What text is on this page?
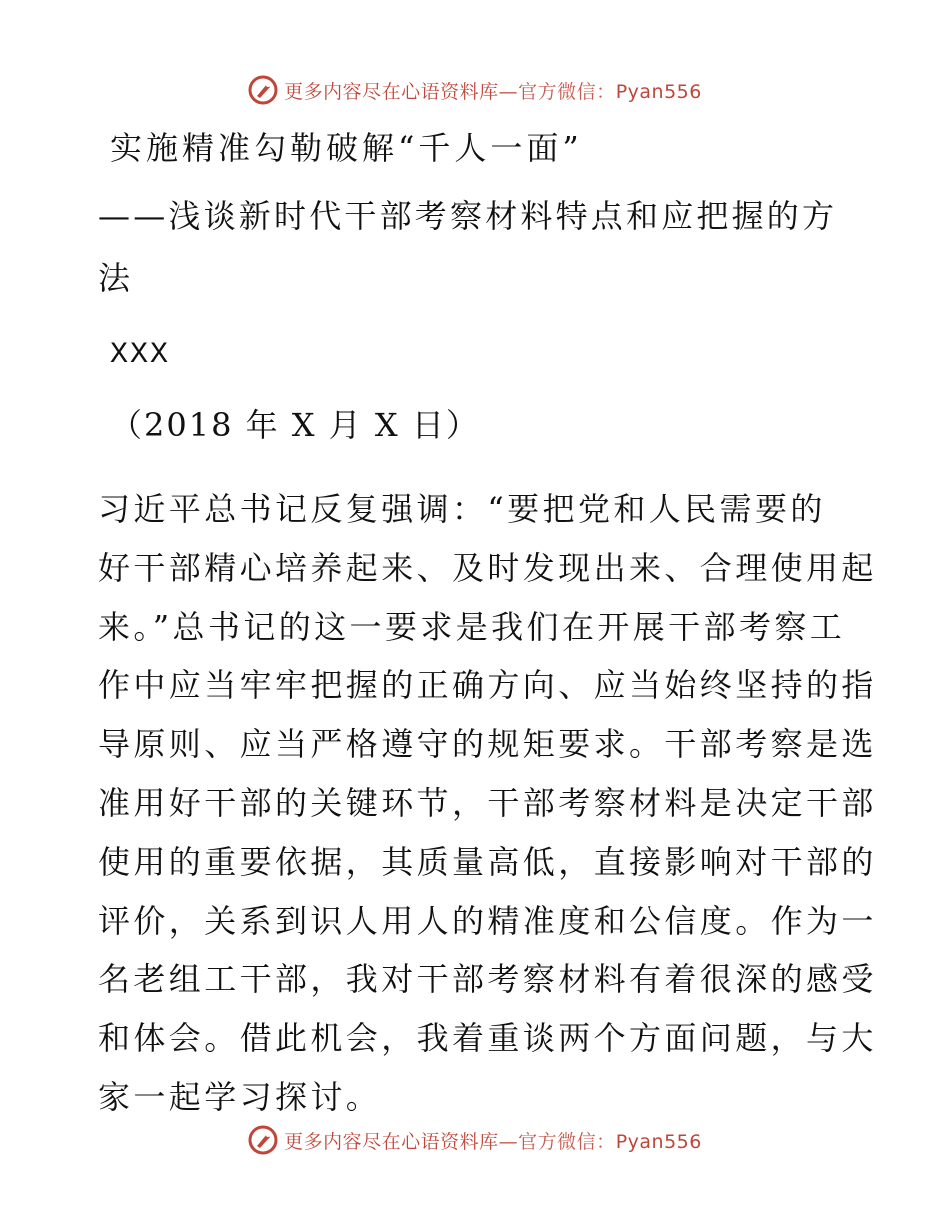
更多内容尽在心语资料库—官方微信：Pyan556
实施精准勾勒破解“千人一面”
——浅谈新时代干部考察材料特点和应把握的方
法
XXX
（2018 年 X 月 X 日）
习近平总书记反复强调：“要把党和人民需要的
好干部精心培养起来、及时发现出来、合理使用起
来。”总书记的这一要求是我们在开展干部考察工
作中应当牢牢把握的正确方向、应当始终坚持的指
导原则、应当严格遵守的规矩要求。干部考察是选
准用好干部的关键环节，干部考察材料是决定干部
使用的重要依据，其质量高低，直接影响对干部的
评价，关系到识人用人的精准度和公信度。作为一
名老组工干部，我对干部考察材料有着很深的感受
和体会。借此机会，我着重谈两个方面问题，与大
家一起学习探讨。
更多内容尽在心语资料库—官方微信：Pyan556
